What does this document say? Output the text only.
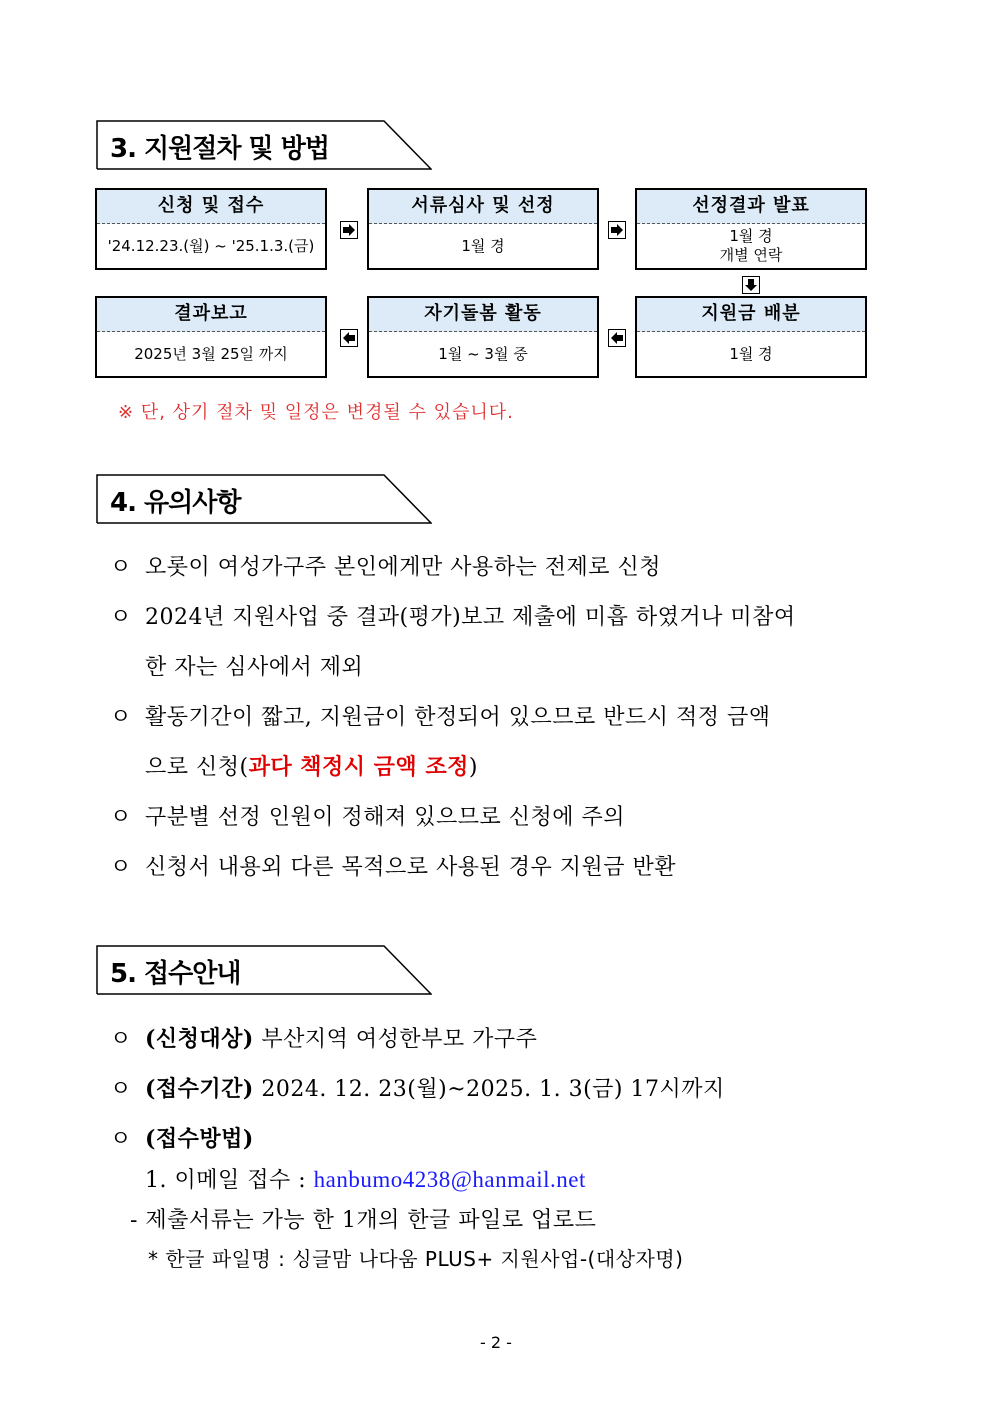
3. 지원절차 및 방법
신청 및 접수
'24.12.23.(월) ~ '25.1.3.(금)
서류심사 및 선정
1월 경
선정결과 발표
1월 경
개별 연락
지원금 배분
1월 경
자기돌봄 활동
1월 ~ 3월 중
결과보고
2025년 3월 25일 까지
※ 단, 상기 절차 및 일정은 변경될 수 있습니다.
4. 유의사항
ㅇ 오롯이 여성가구주 본인에게만 사용하는 전제로 신청
ㅇ 2024년 지원사업 중 결과(평가)보고 제출에 미흡 하였거나 미참여
한 자는 심사에서 제외
ㅇ 활동기간이 짧고, 지원금이 한정되어 있으므로 반드시 적정 금액
으로 신청(과다 책정시 금액 조정)
ㅇ 구분별 선정 인원이 정해져 있으므로 신청에 주의
ㅇ 신청서 내용외 다른 목적으로 사용된 경우 지원금 반환
5. 접수안내
ㅇ (신청대상) 부산지역 여성한부모 가구주
ㅇ (접수기간) 2024. 12. 23(월)~2025. 1. 3(금) 17시까지
ㅇ (접수방법)
1. 이메일 접수 : hanbumo4238@hanmail.net
- 제출서류는 가능 한 1개의 한글 파일로 업로드
* 한글 파일명 : 싱글맘 나다움 PLUS+ 지원사업-(대상자명)
- 2 -
